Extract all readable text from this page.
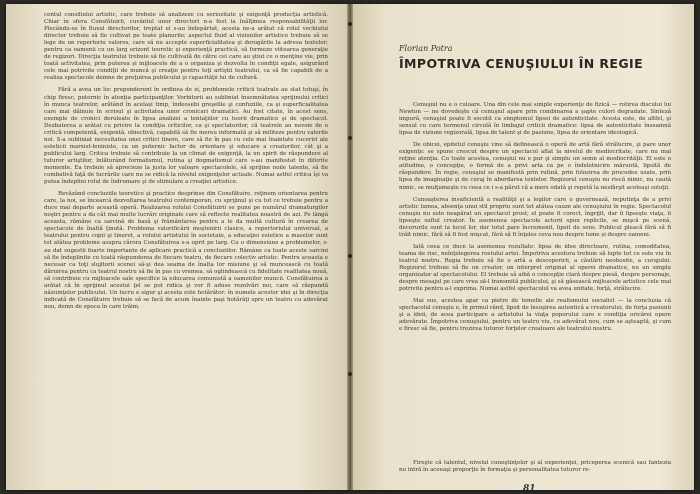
centul consiliului artistic, care trebuie să analizeze cu seriozitate şi exigenţă producţia artistică. Chiar în sfera Consfătuirii, cuvântul unor directori n-a fost la înălţimea responsabilităţii lor. Plecându-se în fluxul directorilor, treptat ei s-au îndepărtat, acesta ne-a arătat că rolul vechiului director trebuie să fie cultivat pe toate planurile; aspectul fluid al viziunilor artistice trebuie să se lege de un repertoriu valoros, care să nu accepte superficialitatea şi derogările la adresa textelor; pentru ca oamenii cu un larg orizont teoretic şi experienţă practică, să formeze viitoarea generaţie de regizori. Direcţia teatrului trebuie să fie cultivată de către cei care au ştiut ce o menţine vie, prin toată activitatea, prin puterea şi mijloacele de a o organiza şi dezvolta în condiţii egale, asigurând cele mai potrivite condiţii de muncă şi creaţie pentru toţi artiştii teatrului, ca să fie capabili de a realiza spectacole demne de preţuirea publicului şi capacităţii lui de cultură.

Fără a avea un loc preponderent în ordinea de zi, problemele criticii teatrale au stat totuşi, în chip firesc, puternic în atenţia participanţilor. Vorbitorii au subliniat însemnătatea sprijinului critici în munca teatrelor, arătând în acelaşi timp, îndeosebi greşelile şi confuziile, ca şi superficialitatea care mai dăinuie în scrisul şi activitatea unor cronicari dramatici. Au fost citate, în acest sens, exemple de cronici deruleate în lipsa analizei a tentaţiilor cu teorii dramatice şi de spectacol. Dezbaterea a arătat cu privire la condiţia criticilor, ca şi spectatorilor, că teatrele au nevoie de o critică competentă, exigentă, obiectivă, capabilă să fie mereu informată şi să militeze pentru valorile noi. S-a subliniat necesitatea unei critici tinere, care să fie în pas cu cele mai înaintate cuceriri ale esteticii marxist-leniniste, ca un puternic factor de orientare şi educare a creatorilor, cât şi a publicului larg. Critica trebuie să contribuie la un climat de exigenţă, la un spirit de răspundere al tuturor artiştilor, înlăturând formalismul, rutina şi dogmatismul care s-au manifestat în diferite momente. Ea trebuie să aprecieze la justa lor valoare spectacolele, să sprijine noile talente, să fie combativă faţă de lucrările care nu se ridică la nivelul exigenţelor actuale. Numai astfel critica îşi va putea îndeplini rolul de îndrumare şi de stimulare a creaţiei artistice.

Revăzând concluziile teoretice şi practice desprinse din Consfătuire, reţinem orientarea pentru care, la noi, se încearcă dezvoltarea teatrului contemporan, cu sprijinul şi cu tot ce trebuie pentru a duce mai departe această operă. Realizarea rolului Consfătuirii se pune pe numărul dramaturgilor noştri pentru a da cât mai multe lucrări originale care să reflecte realitatea noastră de azi. Pe lângă aceasta, rămâne ca sarcină de bază şi frământarea pentru a le da multă cultură în crearea de spectacole de înaltă ţinută. Problema valorificării moştenirii clasice, a repertoriului universal, a teatrului pentru copii şi tineret, a rolului artistului în societate, a educaţiei estetice a maselor sunt tot atâtea probleme asupra cărora Consfătuirea s-a oprit pe larg. Cu o dimensiune a problemelor, s-au dat sugestii foarte importante de aplicare practică a concluziilor. Rămâne ca toate aceste sarcini să fie îndeplinite cu toată răspunderea de fiecare teatru, de fiecare colectiv artistic. Pentru aceasta e necesar ca toţi slujitorii scenei să-şi dea seama de înalta lor misiune şi să muncească cu toată dăruirea pentru ca teatrul nostru să fie în pas cu vremea, să oglindească cu fidelitate realitatea nouă, să contribuie cu mijloacele sale specifice la educarea comunistă a oamenilor muncii. Consfătuirea a arătat că în sprijinul acestui ţel se pot ridica şi vor fi aduse rezolvări noi, care să răspundă năzuinţelor publicului. Un lucru e sigur şi acesta este hotărâtor: în numele acestor idei şi în direcţia indicată de Consfătuire trebuie să se facă de acum înainte paşi hotărâţi spre un teatru cu adevărat nou, demn de epoca în care trăim.

Florian Potra
ÎMPOTRIVA CENUŞIULUI ÎN REGIE

Cenuşiul nu e o culoare. Una din cele mai simple experienţe de fizică — rotirea discului lui Newton — ne dovedeşte că cenuşiul apare prin combinarea a şapte culori degradate. Sinteză impură, cenuşiul poate fi socotit ca simptomul lipsei de autenticitate. Acesta este, de altfel, şi sensul cu care termenul circulă în limbajul criticii dramatice: lipsa de autenticitate înseamnă lipsa de viziune regizorală, lipsa de talent şi de pasiune, lipsa de orientare ideologică.

De obicei, epitetul cenuşiu vine să definească o operă de artă fără strălucire, şi pare unor exigenţe: se spune crescut despre un spectacol aflat la nivelul de mediocritate, care nu mai reţine atenţia. Cu toate acestea, cenuşiul nu e pur şi simplu un semn al mediocrităţii. El este o atitudine, o concepţie, o formă de a privi arta ca pe o îndeletnicire măruntă, lipsită de răspundere. În regie, cenuşiul se manifestă prin rutină, prin folosirea de procedee uzate, prin lipsa de imaginaţie şi de curaj în abordarea textelor. Regizorul cenuşiu nu riscă nimic, nu caută nimic, se mulţumeşte cu ceea ce i s-a părut că a mers odată şi repetă la nesfârşit aceleaşi soluţii.

Cunoaşterea insuficientă a realităţii şi a legilor care o guvernează, neputinţa de a privi artistic lumea, absenţa unui stil propriu sunt tot atâtea cauze ale cenuşiului în regie. Spectacolul cenuşiu nu este neapărat un spectacol prost; el poate fi corect, îngrijit, dar îi lipseşte viaţa, îi lipseşte suflul creator. În asemenea spectacole actorii spun replicile, se mişcă pe scenă, decorurile sunt la locul lor, dar totul pare încremenit, lipsit de sens. Publicul pleacă fără să fi trăit nimic, fără să fi fost mişcat, fără să fi înţeles ceva nou despre lume şi despre oameni.

Iată ceea ce duce la asemenea rezultate: lipsa de idee directoare, rutina, comoditatea, teama de risc, neînţelegerea rostului artei. Împotriva acestora trebuie să lupte tot ce este viu în teatrul nostru. Regia trebuie să fie o artă a descoperirii, a căutării neobosite, a curajului. Regizorul trebuie să fie un creator, un interpret original al operei dramatice, nu un simplu organizator al spectacolului. El trebuie să aibă o concepţie clară despre piesă, despre personaje, despre mesajul pe care vrea să-l transmită publicului, şi să găsească mijloacele artistice cele mai potrivite pentru a-l exprima. Numai astfel spectacolul va avea unitate, forţă, strălucire.

Mai sus, acestea apar ca pietre de temelie ale realismului socialist — la concluzia că spectacolul cenuşiu e, în primul rând, lipsit de însuşirea autentică a creatorului, de forţa pasiunii şi a ideii, de acea participare a artistului la viaţa poporului care e condiţia oricărei opere adevărate. Împotriva cenuşiului, pentru un teatru viu, cu adevărat nou, cum se aşteaptă, şi cum e firesc să fie, pentru trezirea tuturor forţelor creatoare ale teatrului nostru.

Fireşte că talentul, nivelul cunoştinţelor şi al experienţei, priceperea scenică sau fantezia nu intră în aceeaşi proporţie în formaţia şi personalitatea tuturor re-

81
